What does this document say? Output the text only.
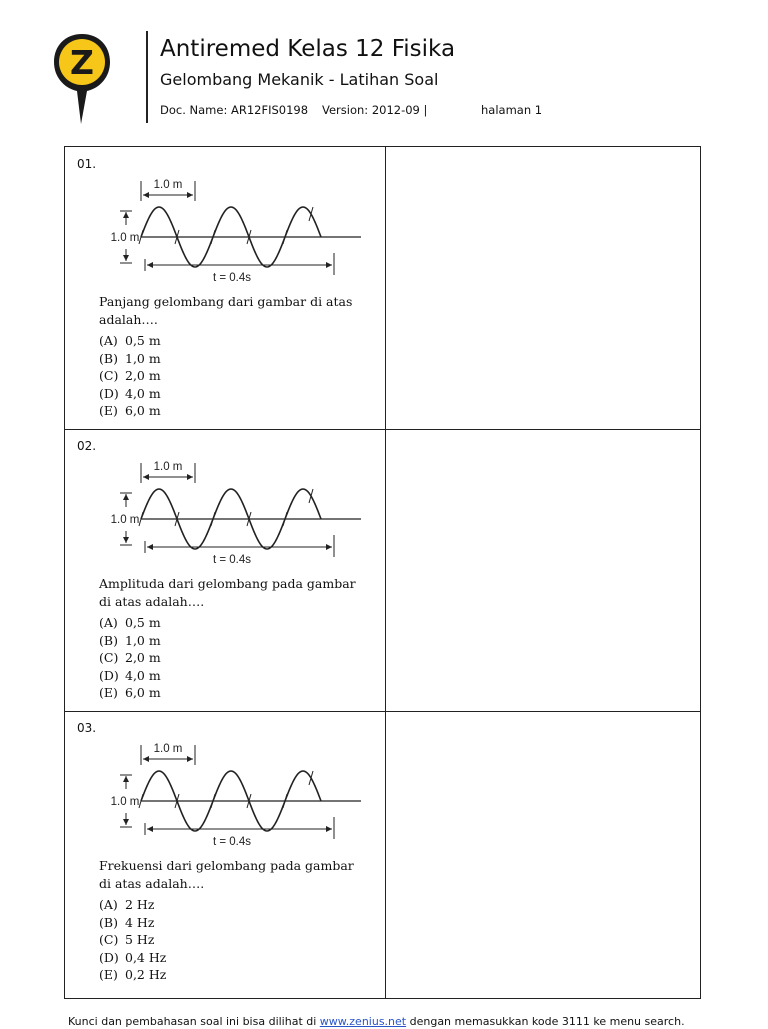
Z	Antiremed Kelas 12 Fisika
Gelombang Mekanik - Latihan Soal
Doc. Name: AR12FIS0198 Version: 2012-09 |	halaman 1
01.
1.0 m
1.0 m
t = 0.4s
Panjang gelombang dari gambar di atas adalah….
(A) 0,5 m
(B) 1,0 m
(C) 2,0 m
(D) 4,0 m
(E) 6,0 m
02.
1.0 m
1.0 m
t = 0.4s
Amplituda dari gelombang pada gambar di atas adalah….
(A) 0,5 m
(B) 1,0 m
(C) 2,0 m
(D) 4,0 m
(E) 6,0 m
03.
1.0 m
1.0 m
t = 0.4s
Frekuensi dari gelombang pada gambar di atas adalah….
(A) 2 Hz
(B) 4 Hz
(C) 5 Hz
(D) 0,4 Hz
(E) 0,2 Hz
Kunci dan pembahasan soal ini bisa dilihat di www.zenius.net dengan memasukkan kode 3111 ke menu search.
